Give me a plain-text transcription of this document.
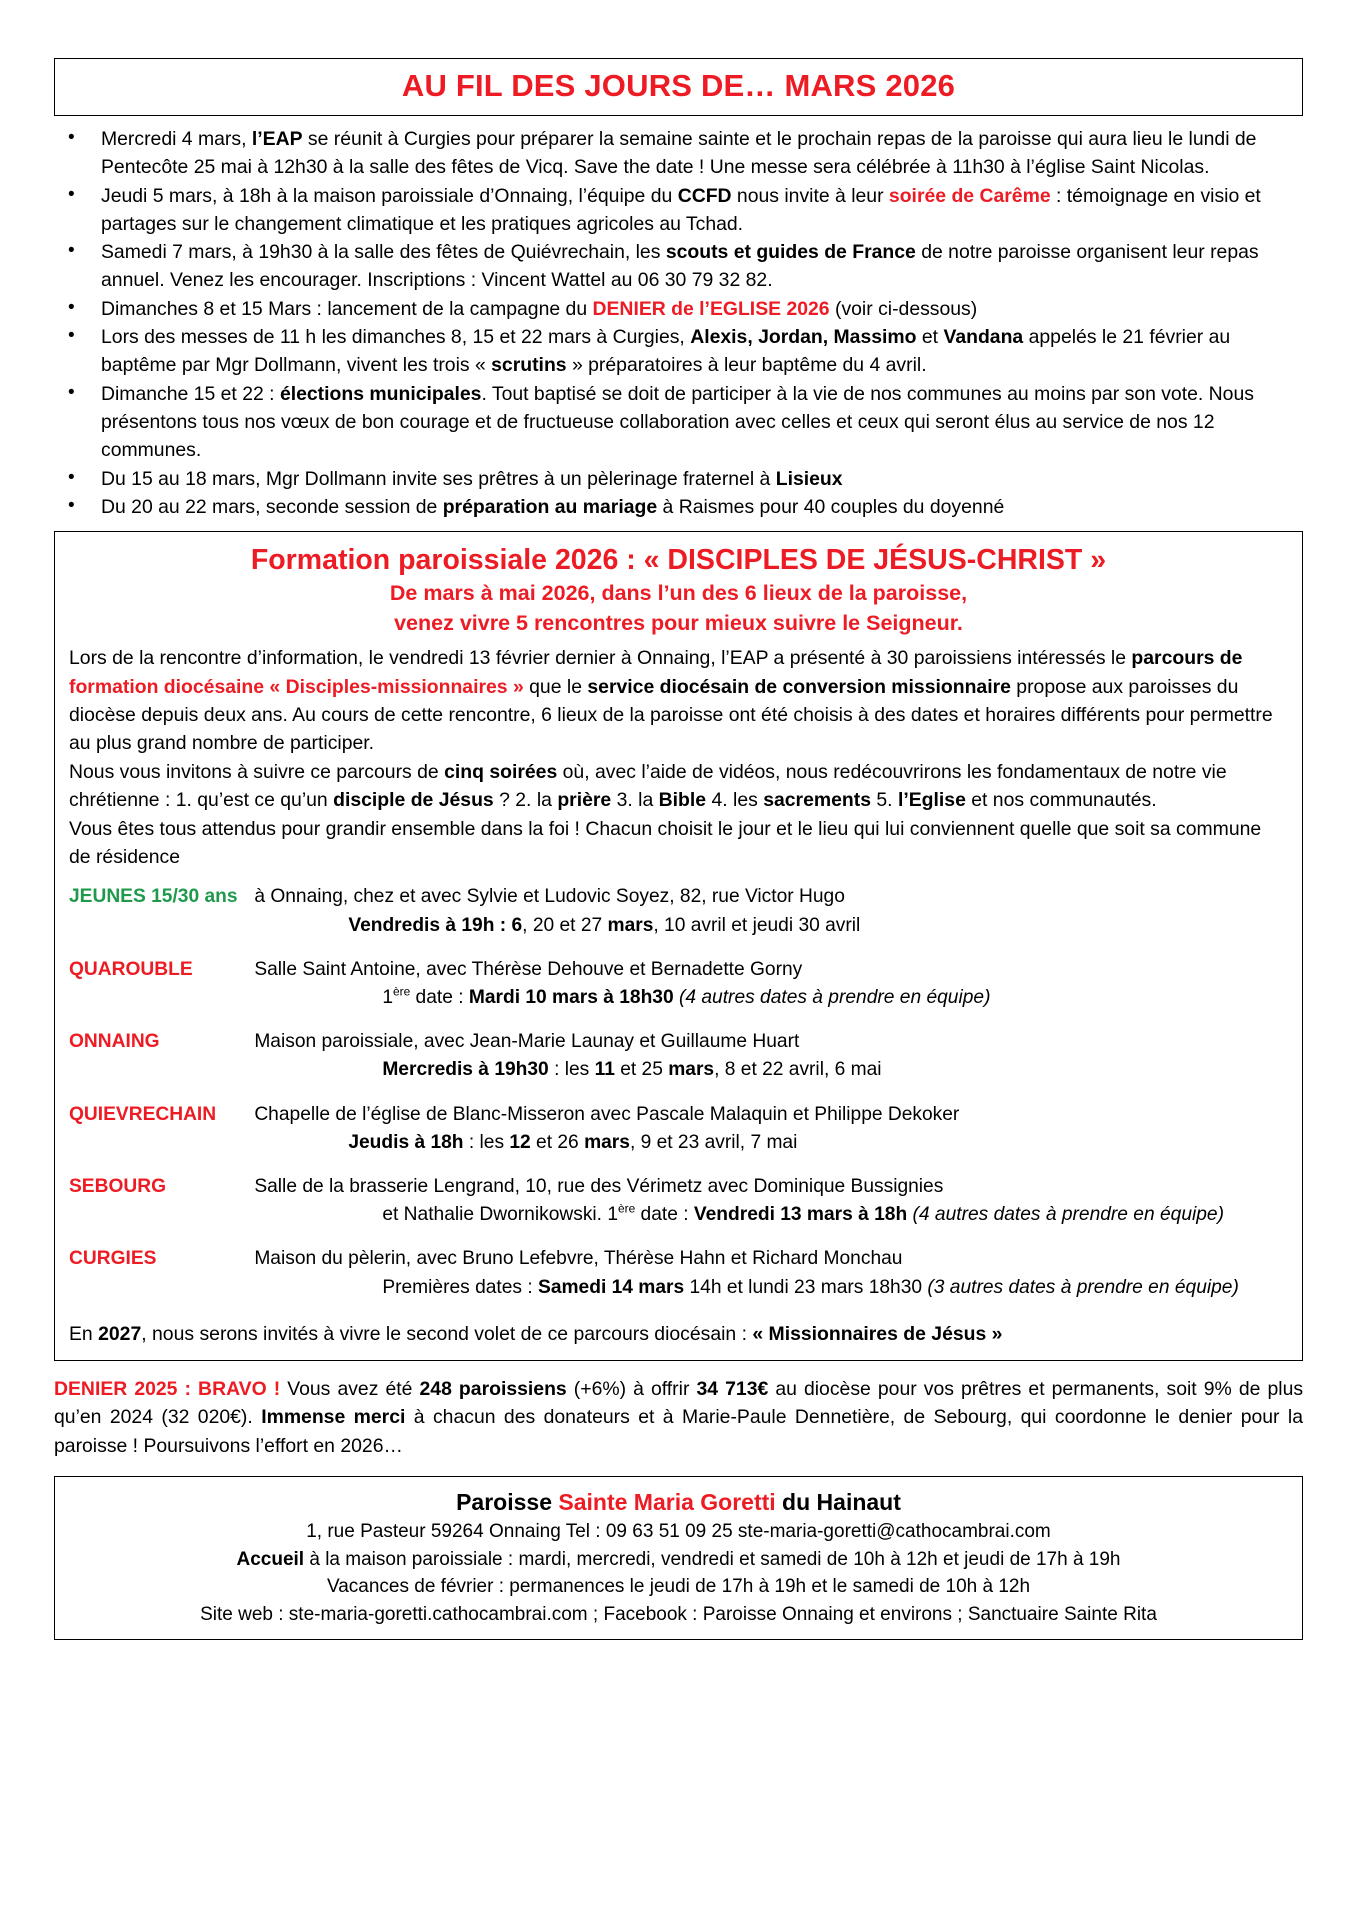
AU FIL DES JOURS DE… MARS 2026
• Mercredi 4 mars, l’EAP se réunit à Curgies pour préparer la semaine sainte et le prochain repas de la paroisse qui aura lieu le lundi de Pentecôte 25 mai à 12h30 à la salle des fêtes de Vicq. Save the date ! Une messe sera célébrée à 11h30 à l’église Saint Nicolas.
• Jeudi 5 mars, à 18h à la maison paroissiale d’Onnaing, l’équipe du CCFD nous invite à leur soirée de Carême : témoignage en visio et partages sur le changement climatique et les pratiques agricoles au Tchad.
• Samedi 7 mars, à 19h30 à la salle des fêtes de Quiévrechain, les scouts et guides de France de notre paroisse organisent leur repas annuel. Venez les encourager. Inscriptions : Vincent Wattel au 06 30 79 32 82.
• Dimanches 8 et 15 Mars : lancement de la campagne du DENIER de l’EGLISE 2026 (voir ci-dessous)
• Lors des messes de 11 h les dimanches 8, 15 et 22 mars à Curgies, Alexis, Jordan, Massimo et Vandana appelés le 21 février au baptême par Mgr Dollmann, vivent les trois « scrutins » préparatoires à leur baptême du 4 avril.
• Dimanche 15 et 22 : élections municipales. Tout baptisé se doit de participer à la vie de nos communes au moins par son vote. Nous présentons tous nos vœux de bon courage et de fructueuse collaboration avec celles et ceux qui seront élus au service de nos 12 communes.
• Du 15 au 18 mars, Mgr Dollmann invite ses prêtres à un pèlerinage fraternel à Lisieux
• Du 20 au 22 mars, seconde session de préparation au mariage à Raismes pour 40 couples du doyenné
Formation paroissiale 2026 : « DISCIPLES DE JÉSUS-CHRIST »
De mars à mai 2026, dans l’un des 6 lieux de la paroisse,
venez vivre 5 rencontres pour mieux suivre le Seigneur.

Lors de la rencontre d’information, le vendredi 13 février dernier à Onnaing, l’EAP a présenté à 30 paroissiens intéressés le parcours de formation diocésaine « Disciples-missionnaires » que le service diocésain de conversion missionnaire propose aux paroisses du diocèse depuis deux ans. Au cours de cette rencontre, 6 lieux de la paroisse ont été choisis à des dates et horaires différents pour permettre au plus grand nombre de participer.

Nous vous invitons à suivre ce parcours de cinq soirées où, avec l’aide de vidéos, nous redécouvrirons les fondamentaux de notre vie chrétienne : 1. qu’est ce qu’un disciple de Jésus ? 2. la prière 3. la Bible 4. les sacrements 5. l’Eglise et nos communautés.

Vous êtes tous attendus pour grandir ensemble dans la foi ! Chacun choisit le jour et le lieu qui lui conviennent quelle que soit sa commune de résidence

JEUNES 15/30 ans	à Onnaing, chez et avec Sylvie et Ludovic Soyez, 82, rue Victor Hugo
Vendredis à 19h : 6, 20 et 27 mars, 10 avril et jeudi 30 avril

QUAROUBLE	Salle Saint Antoine, avec Thérèse Dehouve et Bernadette Gorny
1ère date : Mardi 10 mars à 18h30 (4 autres dates à prendre en équipe)

ONNAING	Maison paroissiale, avec Jean-Marie Launay et Guillaume Huart
Mercredis à 19h30 : les 11 et 25 mars, 8 et 22 avril, 6 mai

QUIEVRECHAIN	Chapelle de l’église de Blanc-Misseron avec Pascale Malaquin et Philippe Dekoker
Jeudis à 18h : les 12 et 26 mars, 9 et 23 avril, 7 mai

SEBOURG	Salle de la brasserie Lengrand, 10, rue des Vérimetz avec Dominique Bussignies
et Nathalie Dwornikowski. 1ère date : Vendredi 13 mars à 18h (4 autres dates à prendre en équipe)

CURGIES	Maison du pèlerin, avec Bruno Lefebvre, Thérèse Hahn et Richard Monchau
Premières dates : Samedi 14 mars 14h et lundi 23 mars 18h30 (3 autres dates à prendre en équipe)
En 2027, nous serons invités à vivre le second volet de ce parcours diocésain : « Missionnaires de Jésus »

DENIER 2025 : BRAVO ! Vous avez été 248 paroissiens (+6%) à offrir 34 713€ au diocèse pour vos prêtres et permanents, soit 9% de plus qu’en 2024 (32 020€). Immense merci à chacun des donateurs et à Marie-Paule Dennetière, de Sebourg, qui coordonne le denier pour la paroisse ! Poursuivons l’effort en 2026…

Paroisse Sainte Maria Goretti du Hainaut
1, rue Pasteur 59264 Onnaing Tel : 09 63 51 09 25 ste-maria-goretti@cathocambrai.com
Accueil à la maison paroissiale : mardi, mercredi, vendredi et samedi de 10h à 12h et jeudi de 17h à 19h
Vacances de février : permanences le jeudi de 17h à 19h et le samedi de 10h à 12h
Site web : ste-maria-goretti.cathocambrai.com ; Facebook : Paroisse Onnaing et environs ; Sanctuaire Sainte Rita
